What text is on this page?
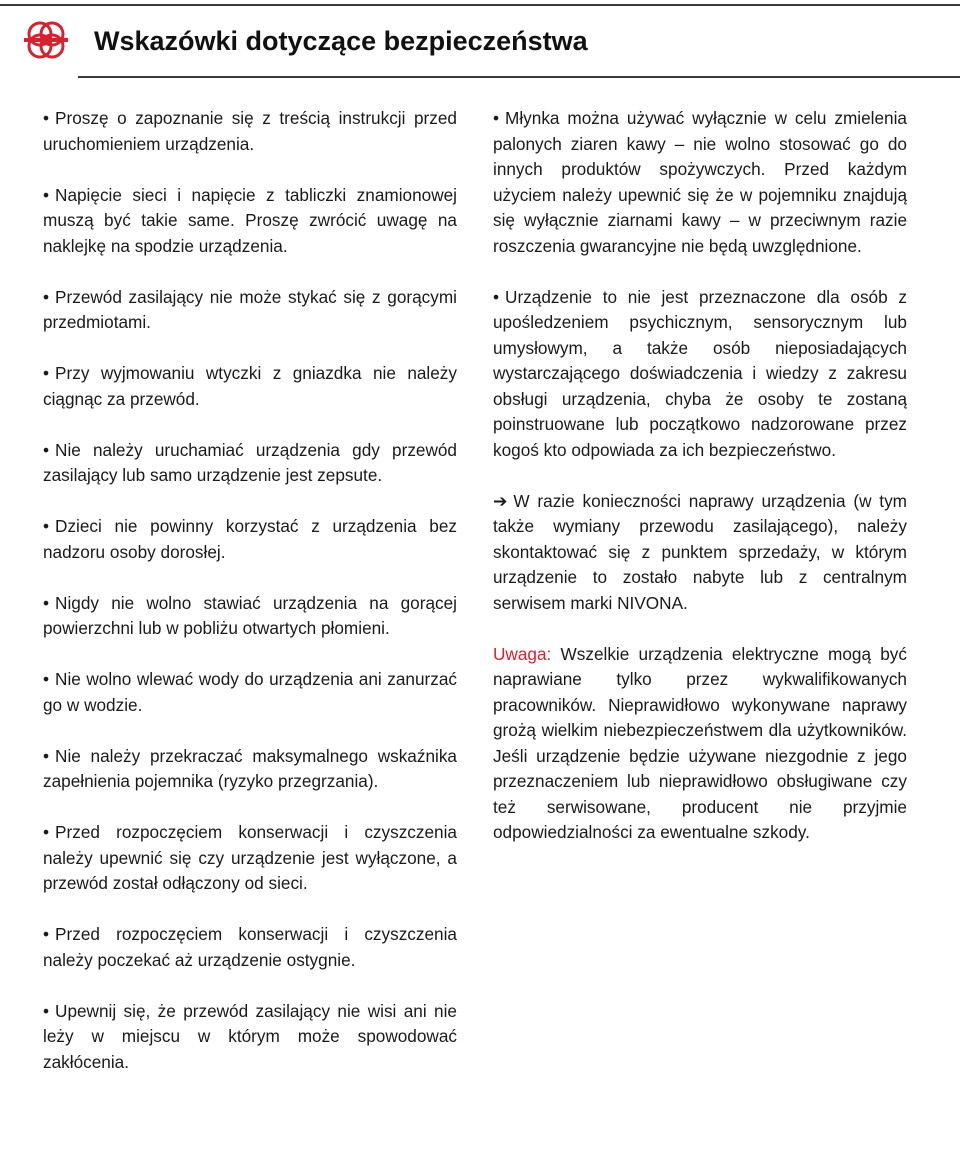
Wskazówki dotyczące bezpieczeństwa

• Proszę o zapoznanie się z treścią instrukcji przed uruchomieniem urządzenia.

• Napięcie sieci i napięcie z tabliczki znamionowej muszą być takie same. Proszę zwrócić uwagę na naklejkę na spodzie urządzenia.

• Przewód zasilający nie może stykać się z gorącymi przedmiotami.

• Przy wyjmowaniu wtyczki z gniazdka nie należy ciągnąc za przewód.

• Nie należy uruchamiać urządzenia gdy przewód zasilający lub samo urządzenie jest zepsute.

• Dzieci nie powinny korzystać z urządzenia bez nadzoru osoby dorosłej.

• Nigdy nie wolno stawiać urządzenia na gorącej powierzchni lub w pobliżu otwartych płomieni.

• Nie wolno wlewać wody do urządzenia ani zanurzać go w wodzie.

• Nie należy przekraczać maksymalnego wskaźnika zapełnienia pojemnika (ryzyko przegrzania).

• Przed rozpoczęciem konserwacji i czyszczenia należy upewnić się czy urządzenie jest wyłączone, a przewód został odłączony od sieci.

• Przed rozpoczęciem konserwacji i czyszczenia należy poczekać aż urządzenie ostygnie.

• Upewnij się, że przewód zasilający nie wisi ani nie leży w miejscu w którym może spowodować zakłócenia.

• Młynka można używać wyłącznie w celu zmielenia palonych ziaren kawy – nie wolno stosować go do innych produktów spożywczych. Przed każdym użyciem należy upewnić się że w pojemniku znajdują się wyłącznie ziarnami kawy – w przeciwnym razie roszczenia gwarancyjne nie będą uwzględnione.

• Urządzenie to nie jest przeznaczone dla osób z upośledzeniem psychicznym, sensorycznym lub umysłowym, a także osób nieposiadających wystarczającego doświadczenia i wiedzy z zakresu obsługi urządzenia, chyba że osoby te zostaną poinstruowane lub początkowo nadzorowane przez kogoś kto odpowiada za ich bezpieczeństwo.

➔ W razie konieczności naprawy urządzenia (w tym także wymiany przewodu zasilającego), należy skontaktować się z punktem sprzedaży, w którym urządzenie to zostało nabyte lub z centralnym serwisem marki NIVONA.

Uwaga: Wszelkie urządzenia elektryczne mogą być naprawiane tylko przez wykwalifikowanych pracowników. Nieprawidłowo wykonywane naprawy grożą wielkim niebezpieczeństwem dla użytkowników. Jeśli urządzenie będzie używane niezgodnie z jego przeznaczeniem lub nieprawidłowo obsługiwane czy też serwisowane, producent nie przyjmie odpowiedzialności za ewentualne szkody.
